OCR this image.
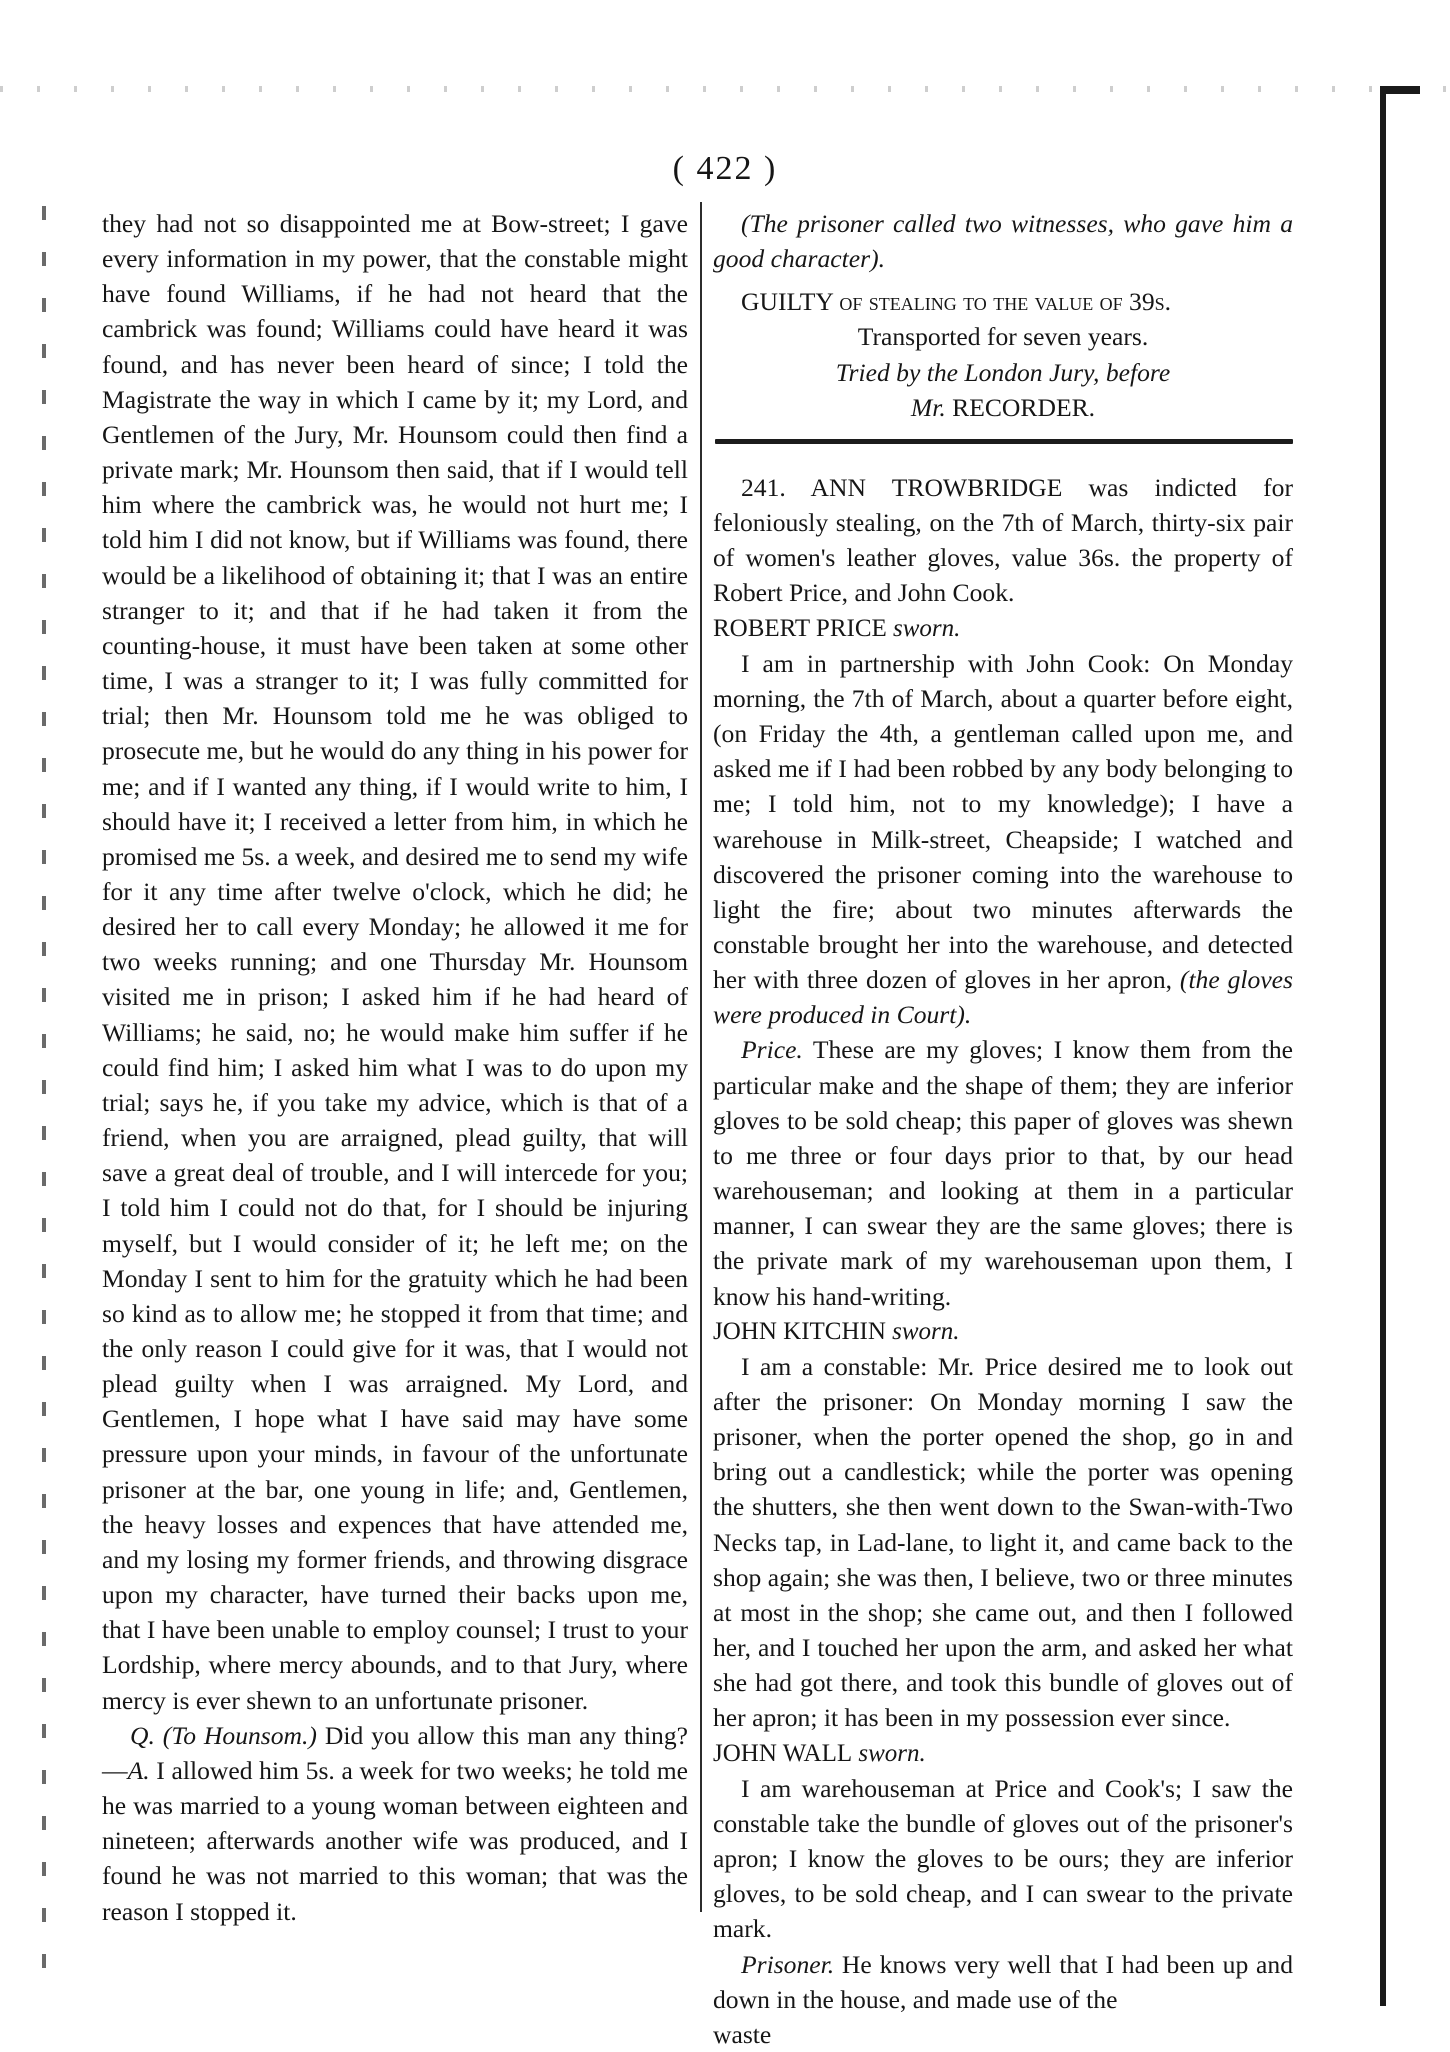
( 422 )

they had not so disappointed me at Bow-street; I gave every information in my power, that the constable might have found Williams, if he had not heard that the cambrick was found; Williams could have heard it was found, and has never been heard of since; I told the Magistrate the way in which I came by it; my Lord, and Gentlemen of the Jury, Mr. Hounsom could then find a private mark; Mr. Hounsom then said, that if I would tell him where the cambrick was, he would not hurt me; I told him I did not know, but if Williams was found, there would be a likelihood of obtaining it; that I was an entire stranger to it; and that if he had taken it from the counting-house, it must have been taken at some other time, I was a stranger to it; I was fully committed for trial; then Mr. Hounsom told me he was obliged to prosecute me, but he would do any thing in his power for me; and if I wanted any thing, if I would write to him, I should have it; I received a letter from him, in which he promised me 5s. a week, and desired me to send my wife for it any time after twelve o'clock, which he did; he desired her to call every Monday; he allowed it me for two weeks running; and one Thursday Mr. Hounsom visited me in prison; I asked him if he had heard of Williams; he said, no; he would make him suffer if he could find him; I asked him what I was to do upon my trial; says he, if you take my advice, which is that of a friend, when you are arraigned, plead guilty, that will save a great deal of trouble, and I will intercede for you; I told him I could not do that, for I should be injuring myself, but I would consider of it; he left me; on the Monday I sent to him for the gratuity which he had been so kind as to allow me; he stopped it from that time; and the only reason I could give for it was, that I would not plead guilty when I was arraigned. My Lord, and Gentlemen, I hope what I have said may have some pressure upon your minds, in favour of the unfortunate prisoner at the bar, one young in life; and, Gentlemen, the heavy losses and expences that have attended me, and my losing my former friends, and throwing disgrace upon my character, have turned their backs upon me, that I have been unable to employ counsel; I trust to your Lordship, where mercy abounds, and to that Jury, where mercy is ever shewn to an unfortunate prisoner.

Q. (To Hounsom.) Did you allow this man any thing?—A. I allowed him 5s. a week for two weeks; he told me he was married to a young woman between eighteen and nineteen; afterwards another wife was produced, and I found he was not married to this woman; that was the reason I stopped it.

(The prisoner called two witnesses, who gave him a good character).

GUILTY of stealing to the value of 39s.

Transported for seven years.

Tried by the London Jury, before

Mr. RECORDER.

241. ANN TROWBRIDGE was indicted for feloniously stealing, on the 7th of March, thirty-six pair of women's leather gloves, value 36s. the property of Robert Price, and John Cook.

ROBERT PRICE sworn.

I am in partnership with John Cook: On Monday morning, the 7th of March, about a quarter before eight, (on Friday the 4th, a gentleman called upon me, and asked me if I had been robbed by any body belonging to me; I told him, not to my knowledge); I have a warehouse in Milk-street, Cheapside; I watched and discovered the prisoner coming into the warehouse to light the fire; about two minutes afterwards the constable brought her into the warehouse, and detected her with three dozen of gloves in her apron, (the gloves were produced in Court).

Price. These are my gloves; I know them from the particular make and the shape of them; they are inferior gloves to be sold cheap; this paper of gloves was shewn to me three or four days prior to that, by our head warehouseman; and looking at them in a particular manner, I can swear they are the same gloves; there is the private mark of my warehouseman upon them, I know his hand-writing.

JOHN KITCHIN sworn.

I am a constable: Mr. Price desired me to look out after the prisoner: On Monday morning I saw the prisoner, when the porter opened the shop, go in and bring out a candlestick; while the porter was opening the shutters, she then went down to the Swan-with-Two Necks tap, in Lad-lane, to light it, and came back to the shop again; she was then, I believe, two or three minutes at most in the shop; she came out, and then I followed her, and I touched her upon the arm, and asked her what she had got there, and took this bundle of gloves out of her apron; it has been in my possession ever since.

JOHN WALL sworn.

I am warehouseman at Price and Cook's; I saw the constable take the bundle of gloves out of the prisoner's apron; I know the gloves to be ours; they are inferior gloves, to be sold cheap, and I can swear to the private mark.

Prisoner. He knows very well that I had been up and down in the house, and made use of the

waste
